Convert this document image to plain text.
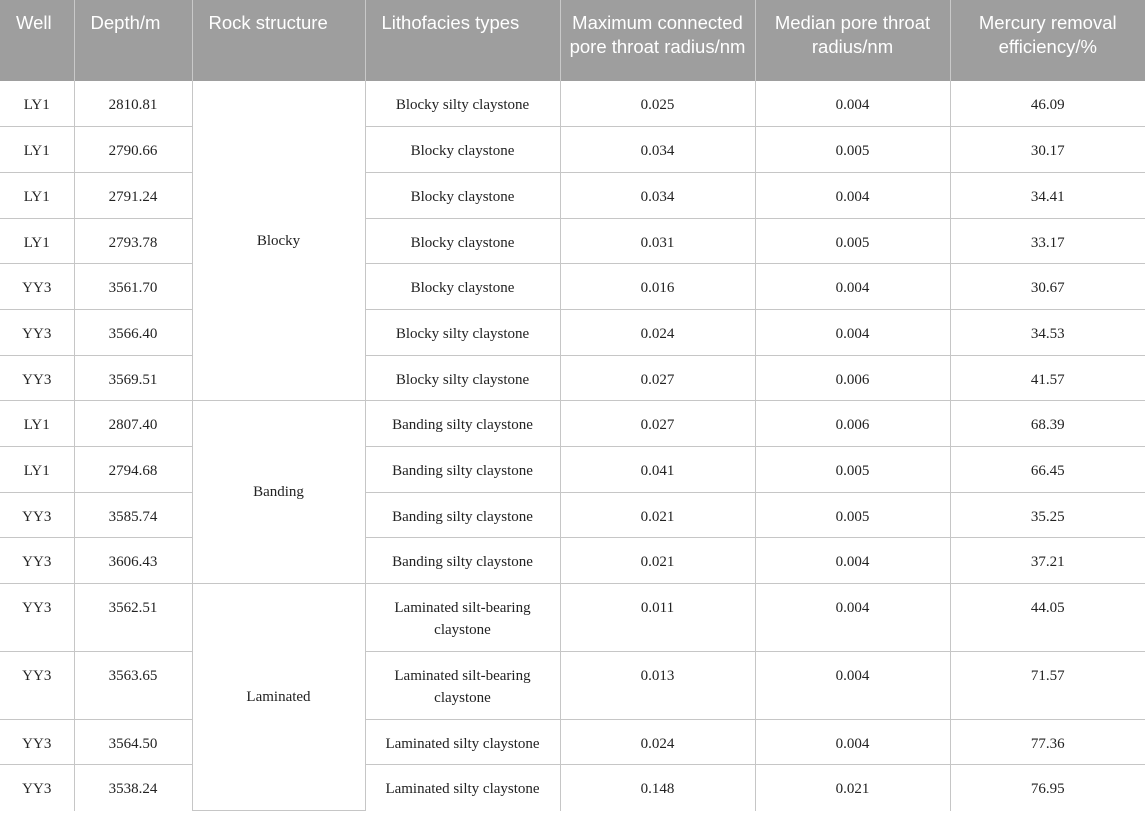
Well	Depth/m	Rock structure	Lithofacies types	Maximum connected pore throat radius/nm	Median pore throat radius/nm	Mercury removal efficiency/%
LY1	2810.81	Blocky	Blocky silty claystone	0.025	0.004	46.09
LY1	2790.66		Blocky claystone	0.034	0.005	30.17
LY1	2791.24		Blocky claystone	0.034	0.004	34.41
LY1	2793.78		Blocky claystone	0.031	0.005	33.17
YY3	3561.70		Blocky claystone	0.016	0.004	30.67
YY3	3566.40		Blocky silty claystone	0.024	0.004	34.53
YY3	3569.51		Blocky silty claystone	0.027	0.006	41.57
LY1	2807.40	Banding	Banding silty claystone	0.027	0.006	68.39
LY1	2794.68		Banding silty claystone	0.041	0.005	66.45
YY3	3585.74		Banding silty claystone	0.021	0.005	35.25
YY3	3606.43		Banding silty claystone	0.021	0.004	37.21
YY3	3562.51	Laminated	Laminated silt-bearing claystone	0.011	0.004	44.05
YY3	3563.65		Laminated silt-bearing claystone	0.013	0.004	71.57
YY3	3564.50		Laminated silty claystone	0.024	0.004	77.36
YY3	3538.24		Laminated silty claystone	0.148	0.021	76.95
